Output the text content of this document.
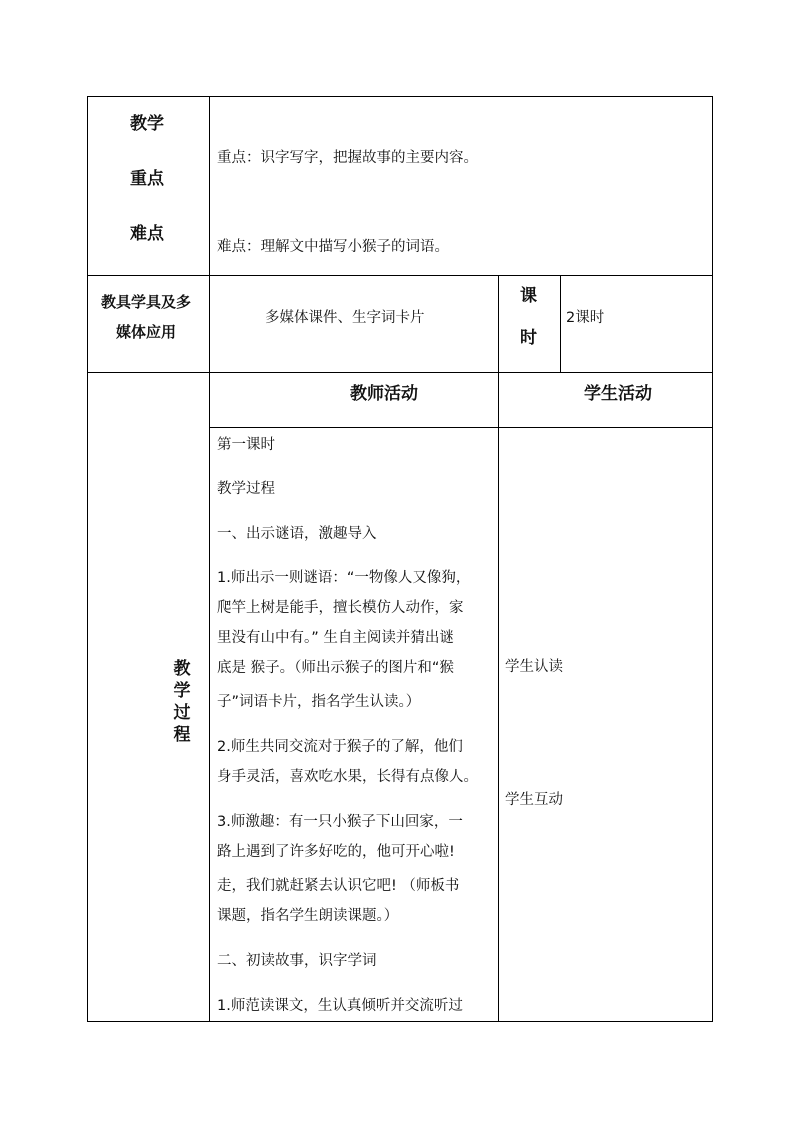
教学
重点
难点
重点：识字写字，把握故事的主要内容。
难点：理解文中描写小猴子的词语。
教具学具及多
媒体应用
多媒体课件、生字词卡片
课
时
2课时
教学过程
教师活动	学生活动
第一课时
教学过程
一、出示谜语，激趣导入
1.师出示一则谜语：“一物像人又像狗，
爬竿上树是能手，擅长模仿人动作，家
里没有山中有。” 生自主阅读并猜出谜
底是 猴子。（师出示猴子的图片和“猴
子”词语卡片，指名学生认读。）
2.师生共同交流对于猴子的了解，他们
身手灵活，喜欢吃水果，长得有点像人。
3.师激趣：有一只小猴子下山回家，一
路上遇到了许多好吃的，他可开心啦!
走，我们就赶紧去认识它吧! （师板书
课题，指名学生朗读课题。）
二、初读故事，识字学词
1.师范读课文，生认真倾听并交流听过
学生认读
学生互动
